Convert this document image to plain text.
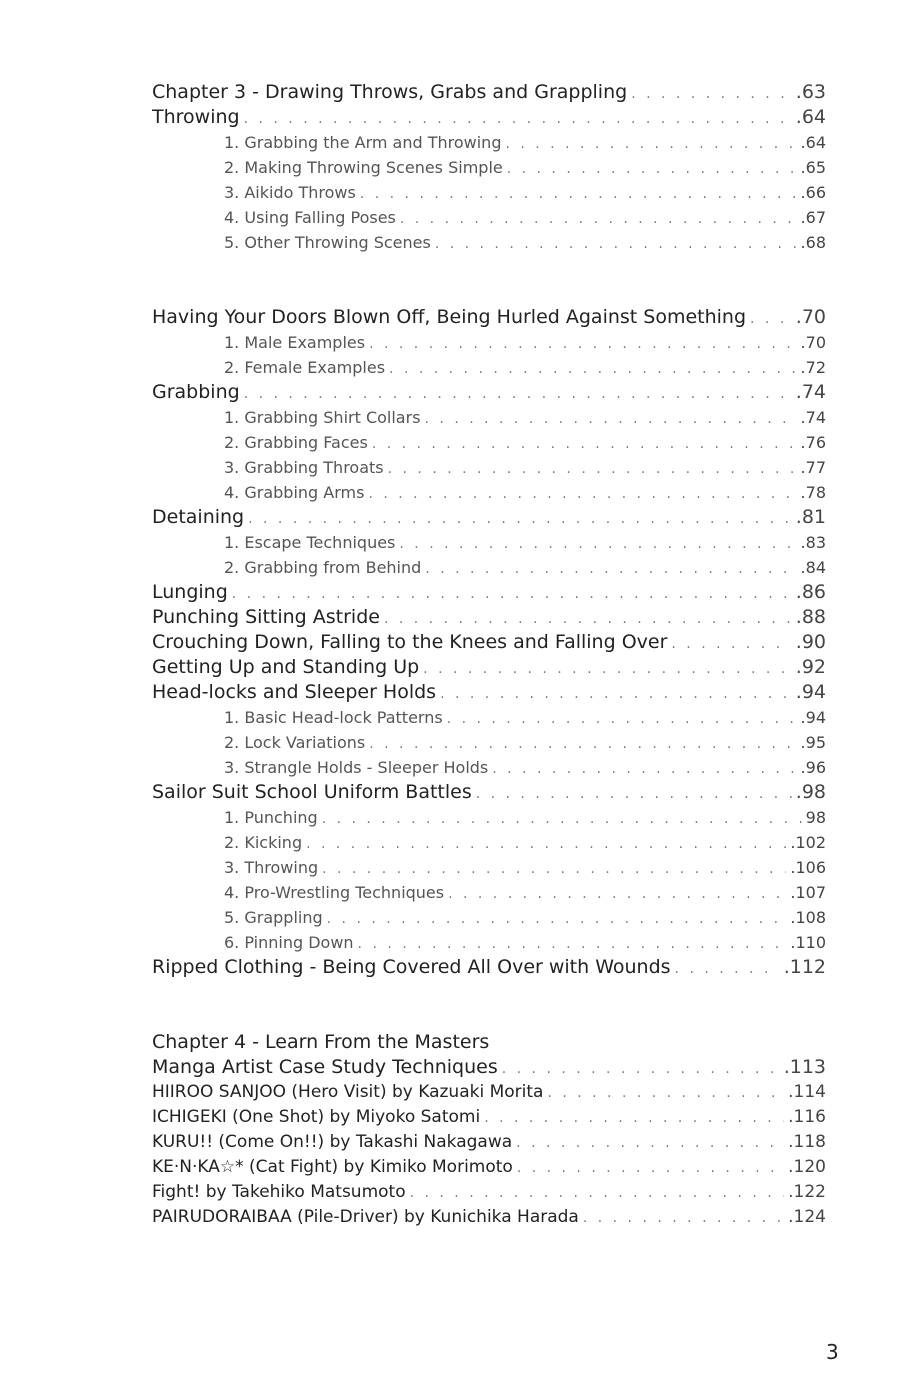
Chapter 3 - Drawing Throws, Grabs and Grappling . . .	.63
Throwing . . .	.64
1. Grabbing the Arm and Throwing . . .	.64
2. Making Throwing Scenes Simple . . .	.65
3. Aikido Throws . . .	.66
4. Using Falling Poses . . .	.67
5. Other Throwing Scenes . . .	.68
Having Your Doors Blown Off, Being Hurled Against Something . . .	.70
1. Male Examples . . .	.70
2. Female Examples . . .	.72
Grabbing . . .	.74
1. Grabbing Shirt Collars . . .	.74
2. Grabbing Faces . . .	.76
3. Grabbing Throats . . .	.77
4. Grabbing Arms . . .	.78
Detaining . . .	.81
1. Escape Techniques . . .	.83
2. Grabbing from Behind . . .	.84
Lunging . . .	.86
Punching Sitting Astride . . .	.88
Crouching Down, Falling to the Knees and Falling Over . . .	.90
Getting Up and Standing Up . . .	.92
Head-locks and Sleeper Holds . . .	.94
1. Basic Head-lock Patterns . . .	.94
2. Lock Variations . . .	.95
3. Strangle Holds - Sleeper Holds . . .	.96
Sailor Suit School Uniform Battles . . .	.98
1. Punching . . .	98
2. Kicking . . .	.102
3. Throwing . . .	.106
4. Pro-Wrestling Techniques . . .	.107
5. Grappling . . .	.108
6. Pinning Down . . .	.110
Ripped Clothing - Being Covered All Over with Wounds . . .	.112
Chapter 4 - Learn From the Masters
Manga Artist Case Study Techniques . . .	.113
HIIROO SANJOO (Hero Visit) by Kazuaki Morita . . .	.114
ICHIGEKI (One Shot) by Miyoko Satomi . . .	.116
KURU!! (Come On!!) by Takashi Nakagawa . . .	.118
KE·N·KA☆* (Cat Fight) by Kimiko Morimoto . . .	.120
Fight! by Takehiko Matsumoto . . .	.122
PAIRUDORAIBAA (Pile-Driver) by Kunichika Harada . . .	.124
3
